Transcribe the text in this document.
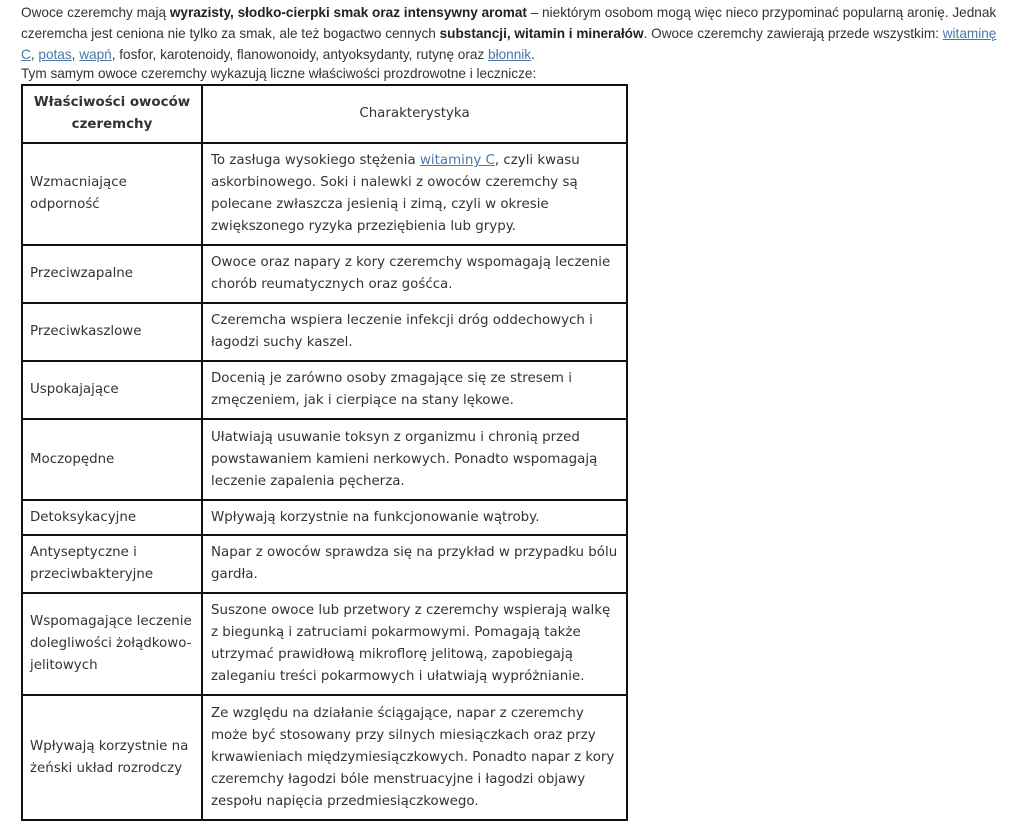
Owoce czeremchy mają wyrazisty, słodko-cierpki smak oraz intensywny aromat – niektórym osobom mogą więc nieco przypominać popularną aronię. Jednak czeremcha jest ceniona nie tylko za smak, ale też bogactwo cennych substancji, witamin i minerałów. Owoce czeremchy zawierają przede wszystkim: witaminę C, potas, wapń, fosfor, karotenoidy, flanowonoidy, antyoksydanty, rutynę oraz błonnik.

Tym samym owoce czeremchy wykazują liczne właściwości prozdrowotne i lecznicze:

Właściwości owoców czeremchy	Charakterystyka
Wzmacniające odporność	To zasługa wysokiego stężenia witaminy C, czyli kwasu askorbinowego. Soki i nalewki z owoców czeremchy są polecane zwłaszcza jesienią i zimą, czyli w okresie zwiększonego ryzyka przeziębienia lub grypy.
Przeciwzapalne	Owoce oraz napary z kory czeremchy wspomagają leczenie chorób reumatycznych oraz gośćca.
Przeciwkaszlowe	Czeremcha wspiera leczenie infekcji dróg oddechowych i łagodzi suchy kaszel.
Uspokajające	Docenią je zarówno osoby zmagające się ze stresem i zmęczeniem, jak i cierpiące na stany lękowe.
Moczopędne	Ułatwiają usuwanie toksyn z organizmu i chronią przed powstawaniem kamieni nerkowych. Ponadto wspomagają leczenie zapalenia pęcherza.
Detoksykacyjne	Wpływają korzystnie na funkcjonowanie wątroby.
Antyseptyczne i przeciwbakteryjne	Napar z owoców sprawdza się na przykład w przypadku bólu gardła.
Wspomagające leczenie dolegliwości żołądkowo-jelitowych	Suszone owoce lub przetwory z czeremchy wspierają walkę z biegunką i zatruciami pokarmowymi. Pomagają także utrzymać prawidłową mikroflorę jelitową, zapobiegają zaleganiu treści pokarmowych i ułatwiają wypróżnianie.
Wpływają korzystnie na żeński układ rozrodczy	Ze względu na działanie ściągające, napar z czeremchy może być stosowany przy silnych miesiączkach oraz przy krwawieniach międzymiesiączkowych. Ponadto napar z kory czeremchy łagodzi bóle menstruacyjne i łagodzi objawy zespołu napięcia przedmiesiączkowego.
